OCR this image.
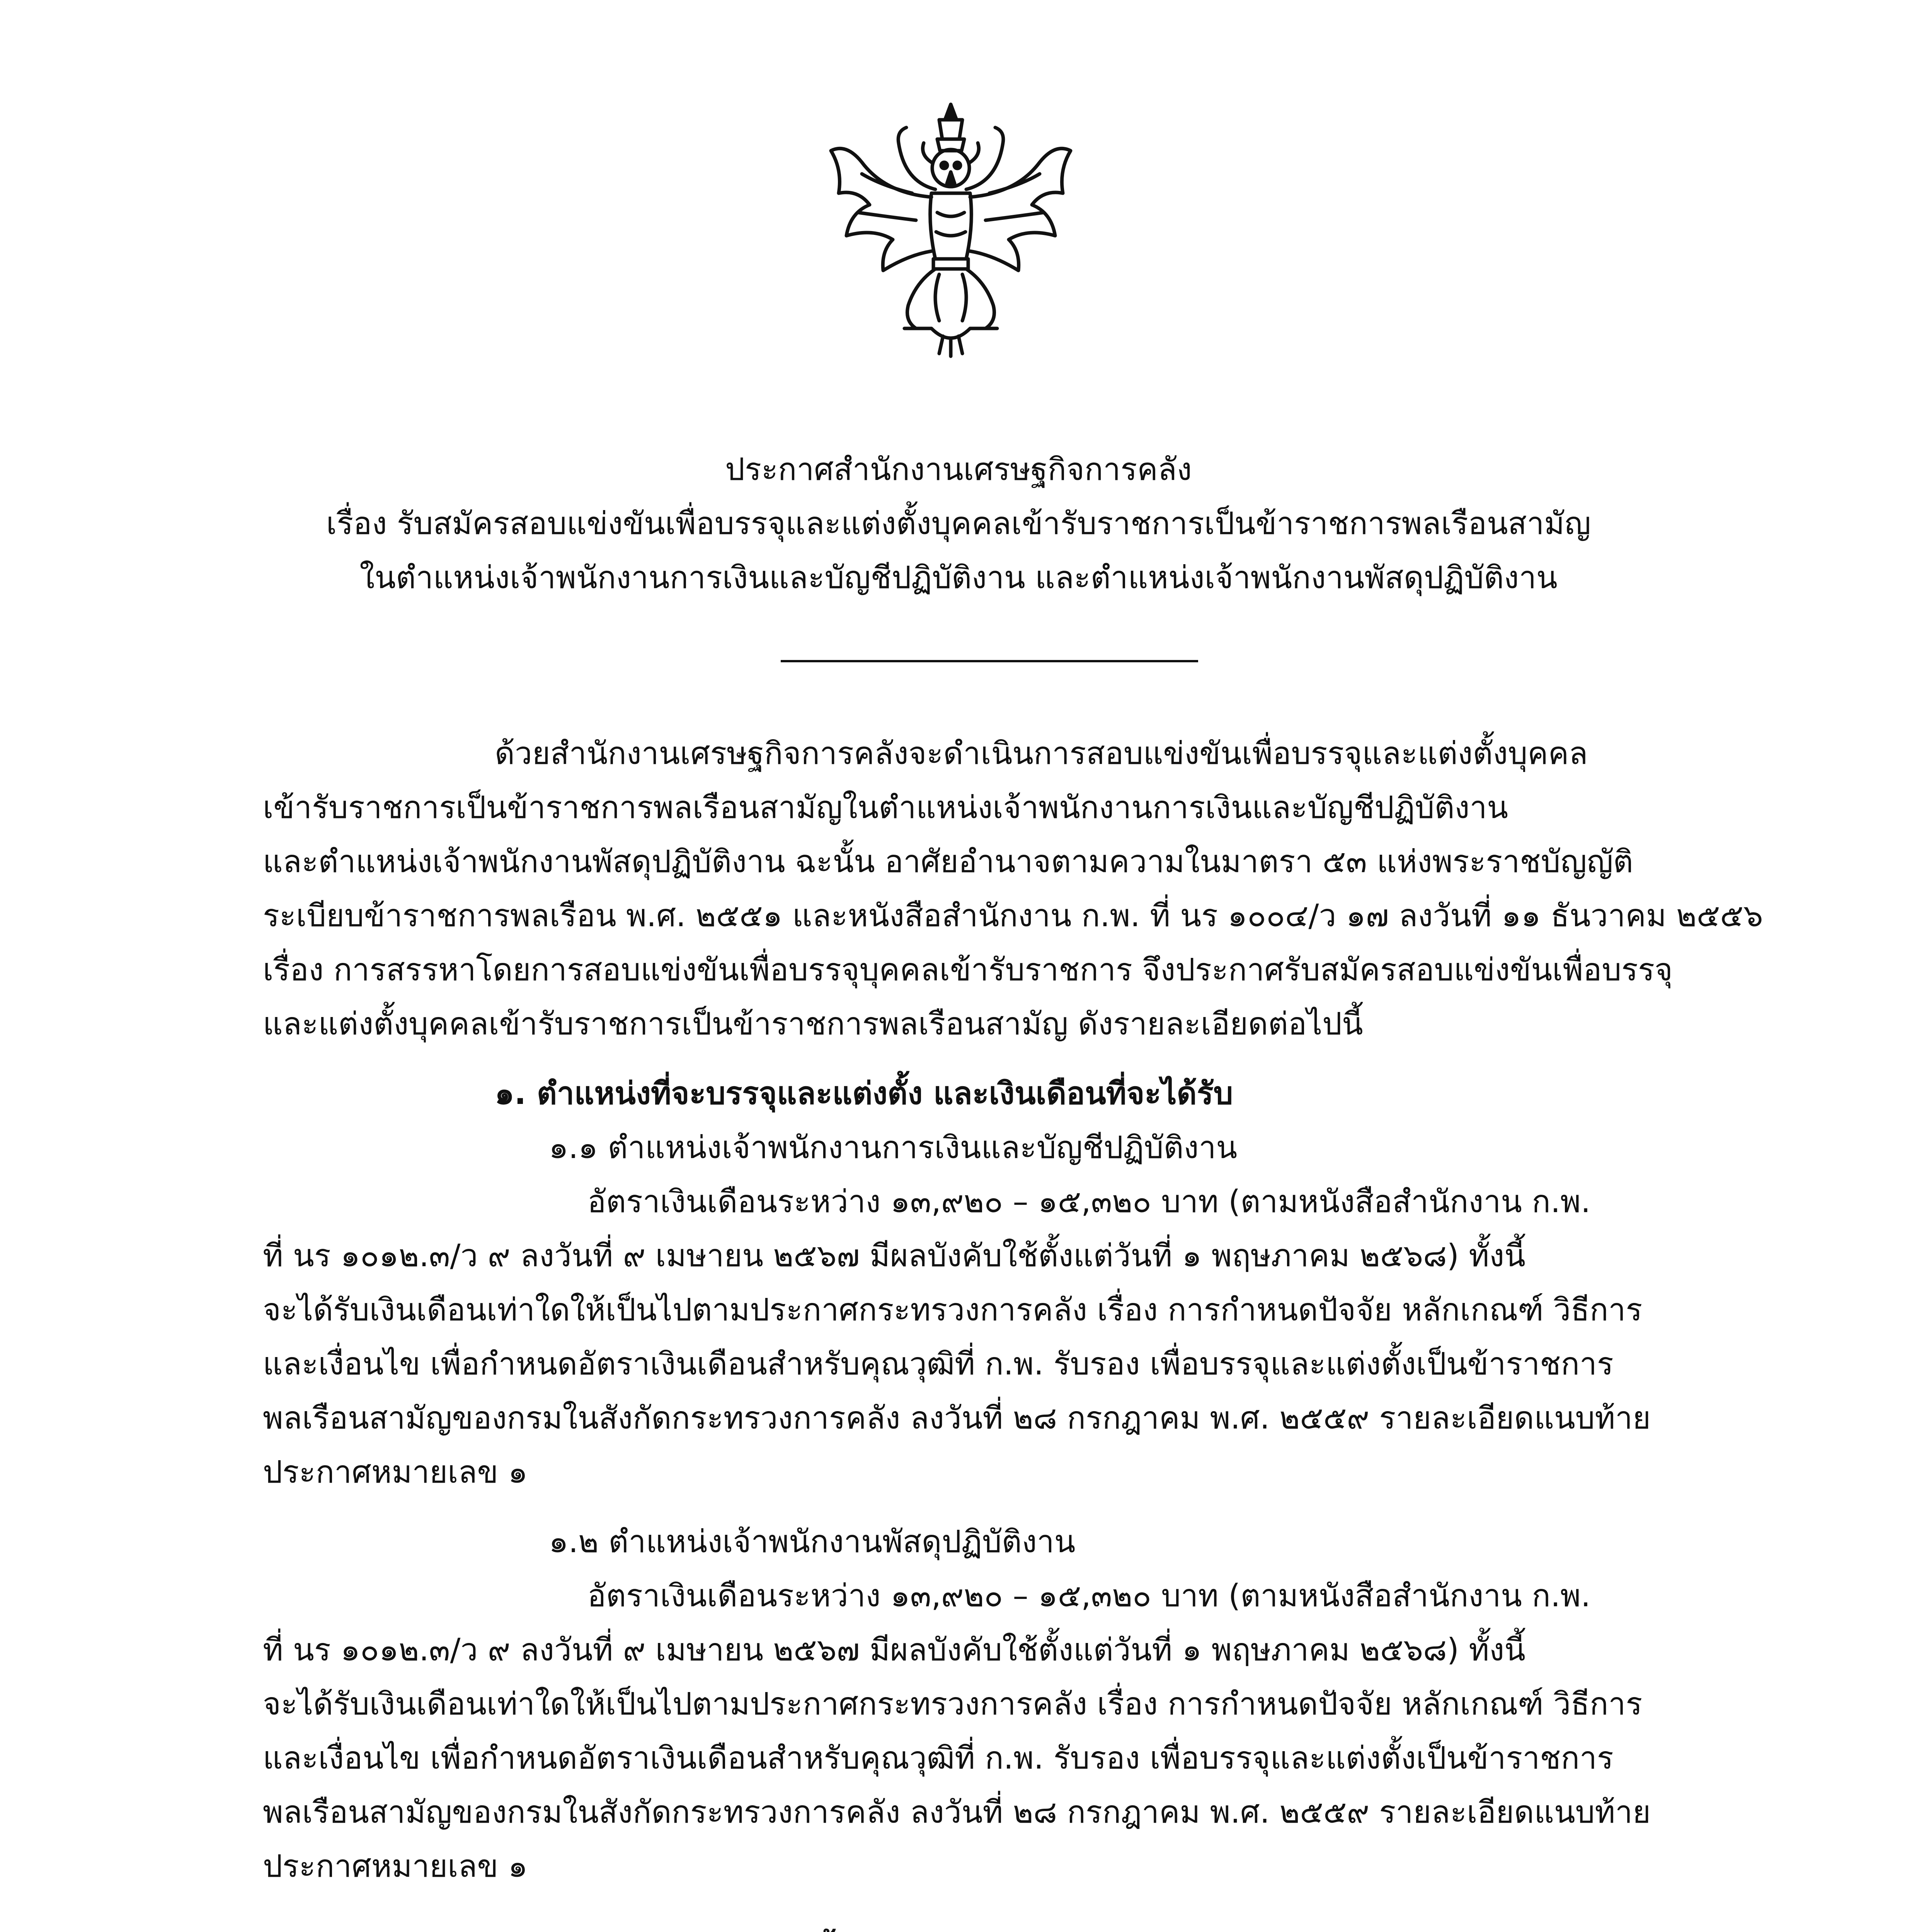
ประกาศสำนักงานเศรษฐกิจการคลัง

เรื่อง รับสมัครสอบแข่งขันเพื่อบรรจุและแต่งตั้งบุคคลเข้ารับราชการเป็นข้าราชการพลเรือนสามัญ

ในตำแหน่งเจ้าพนักงานการเงินและบัญชีปฏิบัติงาน และตำแหน่งเจ้าพนักงานพัสดุปฏิบัติงาน

ด้วยสำนักงานเศรษฐกิจการคลังจะดำเนินการสอบแข่งขันเพื่อบรรจุและแต่งตั้งบุคคล

เข้ารับราชการเป็นข้าราชการพลเรือนสามัญในตำแหน่งเจ้าพนักงานการเงินและบัญชีปฏิบัติงาน

และตำแหน่งเจ้าพนักงานพัสดุปฏิบัติงาน ฉะนั้น อาศัยอำนาจตามความในมาตรา ๕๓ แห่งพระราชบัญญัติ

ระเบียบข้าราชการพลเรือน พ.ศ. ๒๕๕๑ และหนังสือสำนักงาน ก.พ. ที่ นร ๑๐๐๔/ว ๑๗ ลงวันที่ ๑๑ ธันวาคม ๒๕๕๖

เรื่อง การสรรหาโดยการสอบแข่งขันเพื่อบรรจุบุคคลเข้ารับราชการ จึงประกาศรับสมัครสอบแข่งขันเพื่อบรรจุ

และแต่งตั้งบุคคลเข้ารับราชการเป็นข้าราชการพลเรือนสามัญ ดังรายละเอียดต่อไปนี้

๑. ตำแหน่งที่จะบรรจุและแต่งตั้ง และเงินเดือนที่จะได้รับ

๑.๑ ตำแหน่งเจ้าพนักงานการเงินและบัญชีปฏิบัติงาน

อัตราเงินเดือนระหว่าง ๑๓,๙๒๐ – ๑๕,๓๒๐ บาท (ตามหนังสือสำนักงาน ก.พ.

ที่ นร ๑๐๑๒.๓/ว ๙ ลงวันที่ ๙ เมษายน ๒๕๖๗ มีผลบังคับใช้ตั้งแต่วันที่ ๑ พฤษภาคม ๒๕๖๘) ทั้งนี้

จะได้รับเงินเดือนเท่าใดให้เป็นไปตามประกาศกระทรวงการคลัง เรื่อง การกำหนดปัจจัย หลักเกณฑ์ วิธีการ

และเงื่อนไข เพื่อกำหนดอัตราเงินเดือนสำหรับคุณวุฒิที่ ก.พ. รับรอง เพื่อบรรจุและแต่งตั้งเป็นข้าราชการ

พลเรือนสามัญของกรมในสังกัดกระทรวงการคลัง ลงวันที่ ๒๘ กรกฎาคม พ.ศ. ๒๕๕๙ รายละเอียดแนบท้าย

ประกาศหมายเลข ๑

๑.๒ ตำแหน่งเจ้าพนักงานพัสดุปฏิบัติงาน

อัตราเงินเดือนระหว่าง ๑๓,๙๒๐ – ๑๕,๓๒๐ บาท (ตามหนังสือสำนักงาน ก.พ.

ที่ นร ๑๐๑๒.๓/ว ๙ ลงวันที่ ๙ เมษายน ๒๕๖๗ มีผลบังคับใช้ตั้งแต่วันที่ ๑ พฤษภาคม ๒๕๖๘) ทั้งนี้

จะได้รับเงินเดือนเท่าใดให้เป็นไปตามประกาศกระทรวงการคลัง เรื่อง การกำหนดปัจจัย หลักเกณฑ์ วิธีการ

และเงื่อนไข เพื่อกำหนดอัตราเงินเดือนสำหรับคุณวุฒิที่ ก.พ. รับรอง เพื่อบรรจุและแต่งตั้งเป็นข้าราชการ

พลเรือนสามัญของกรมในสังกัดกระทรวงการคลัง ลงวันที่ ๒๘ กรกฎาคม พ.ศ. ๒๕๕๙ รายละเอียดแนบท้าย

ประกาศหมายเลข ๑
